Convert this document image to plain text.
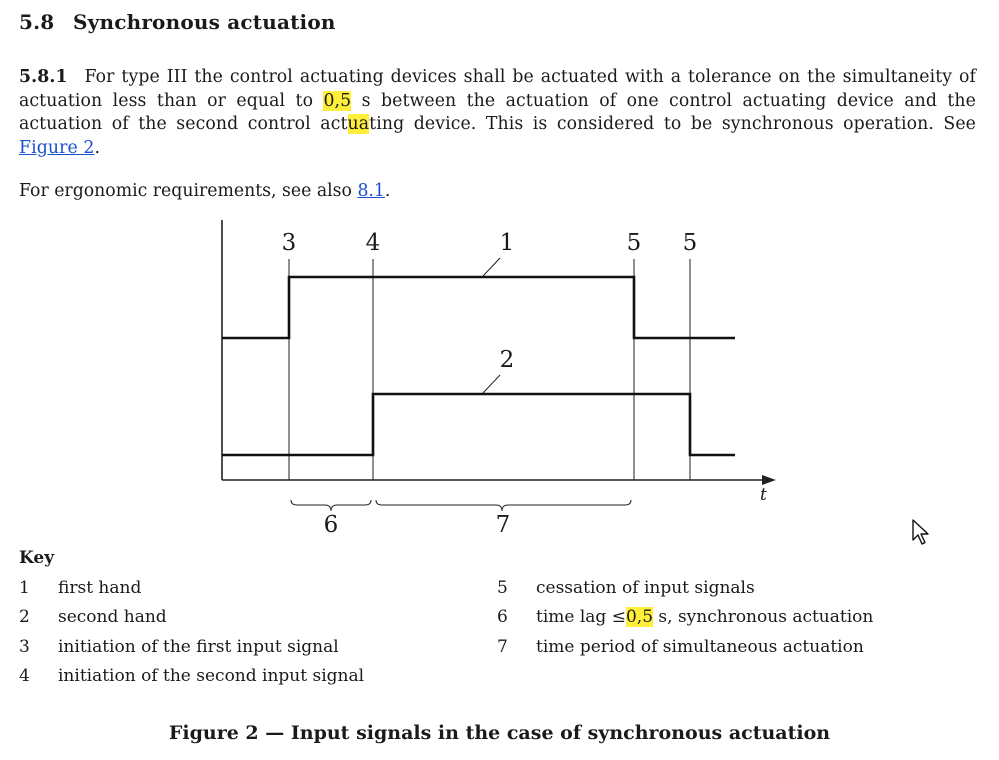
5.8 Synchronous actuation
5.8.1 For type III the control actuating devices shall be actuated with a tolerance on the simultaneity of actuation less than or equal to 0,5 s between the actuation of one control actuating device and the actuation of the second control actuating device. This is considered to be synchronous operation. See Figure 2.
For ergonomic requirements, see also 8.1.
t
3	4	1	5 5
2
6	7
Key
1 first hand
2 second hand
3 initiation of the first input signal
4 initiation of the second input signal
5 cessation of input signals
6 time lag ≤0,5 s, synchronous actuation
7 time period of simultaneous actuation
Figure 2 — Input signals in the case of synchronous actuation
